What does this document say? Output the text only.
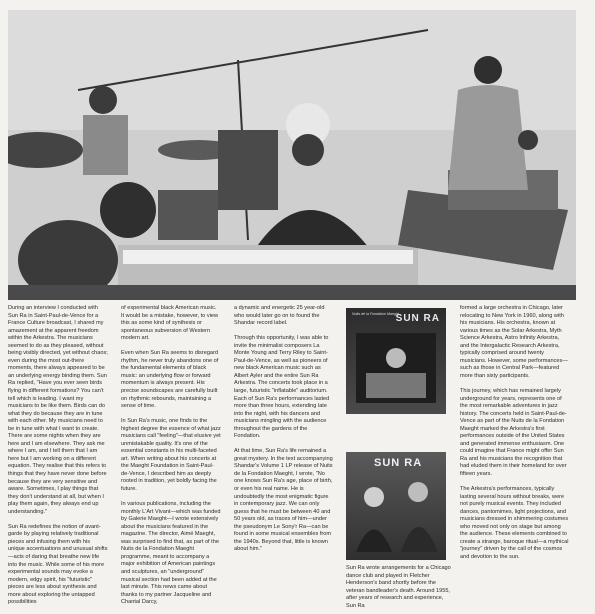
During an interview I conducted with Sun Ra in Saint-Paul-de-Vence for a France Culture broadcast, I shared my amazement at the apparent freedom within the Arkestra. The musicians seemed to do as they pleased, without being visibly directed, yet without chaos; even during the most out-there moments, there always appeared to be an underlying energy binding them. Sun Ra replied, "Have you ever seen birds flying in different formations? You can't tell which is leading. I want my musicians to be like them. Birds can do what they do because they are in tune with each other. My musicians need to be in tune with what I want to create. There are some nights when they are here and I am elsewhere. They ask me where I am, and I tell them that I am here but I am working on a different equation. They realise that this refers to things that they have never done before because they are very sensitive and aware. Sometimes, I play things that they don't understand at all, but when I play them again, they always end up understanding."

Sun Ra redefines the notion of avant-garde by playing relatively traditional pieces and infusing them with his unique accentuations and unusual shifts—acts of daring that breathe new life into the music. While some of his more experimental sounds may evoke a modern, edgy spirit, his "futuristic" pieces are less about synthesis and more about exploring the untapped possibilities

of experimental black American music. It would be a mistake, however, to view this as some kind of synthesis or spontaneous subversion of Western modern art.

Even when Sun Ra seems to disregard rhythm, he never truly abandons one of the fundamental elements of black music: an underlying flow or forward momentum is always present. His precise soundscapes are carefully built on rhythmic rebounds, maintaining a sense of time.

In Sun Ra's music, one finds to the highest degree the essence of what jazz musicians call "feeling"—that elusive yet unmistakable quality. It's one of the essential constants in his multi-faceted art. When writing about his concerts at the Maeght Foundation in Saint-Paul-de-Vence, I described him as deeply rooted in tradition, yet boldly facing the future.

In various publications, including the monthly L'Art Vivant—which was funded by Galerie Maeght—I wrote extensively about the musicians featured in the magazine. The director, Aimé Maeght, was surprised to find that, as part of the Nuits de la Fondation Maeght programme, meant to accompany a major exhibition of American paintings and sculptures, an "underground" musical section had been added at the last minute. This news came about thanks to my partner Jacqueline and Chantal Darcy,

a dynamic and energetic 25 year-old who would later go on to found the Shandar record label.

Through this opportunity, I was able to invite the minimalist composers La Monte Young and Terry Riley to Saint-Paul-de-Vence, as well as pioneers of new black American music such as Albert Ayler and the entire Sun Ra Arkestra. The concerts took place in a large, futuristic "inflatable" auditorium. Each of Sun Ra's performances lasted more than three hours, extending late into the night, with his dancers and musicians mingling with the audience throughout the gardens of the Fondation.

At that time, Sun Ra's life remained a great mystery. In the text accompanying Shandar's Volume 1 LP release of Nuits de la Fondation Maeght, I wrote, "No one knows Sun Ra's age, place of birth, or even his real name. He is undoubtedly the most enigmatic figure in contemporary jazz. We can only guess that he must be between 40 and 50 years old, as traces of him—under the pseudonym Le Sony'r Ra—can be found in some musical ensembles from the 1940s. Beyond that, little is known about him."

Nuits de la Fondation Maeght
SUN RA
SUN RA
Sun Ra wrote arrangements for a Chicago dance club and played in Fletcher Henderson's band shortly before the veteran bandleader's death. Around 1955, after years of research and experience, Sun Ra

formed a large orchestra in Chicago, later relocating to New York in 1960, along with his musicians. His orchestra, known at various times as the Solar Arkestra, Myth Science Arkestra, Astro Infinity Arkestra, and the Intergalactic Research Arkestra, typically comprised around twenty musicians. However, some performances—such as those in Central Park—featured more than sixty participants.

This journey, which has remained largely underground for years, represents one of the most remarkable adventures in jazz history. The concerts held in Saint-Paul-de-Vence as part of the Nuits de la Fondation Maeght marked the Arkestra's first performances outside of the United States and generated immense enthusiasm. One could imagine that France might offer Sun Ra and his musicians the recognition that had eluded them in their homeland for over fifteen years.

The Arkestra's performances, typically lasting several hours without breaks, were not purely musical events. They included dances, pantomimes, light projections, and musicians dressed in shimmering costumes who moved not only on stage but among the audience. These elements combined to create a strange, baroque ritual—a mythical "journey" driven by the call of the cosmos and devotion to the sun.
